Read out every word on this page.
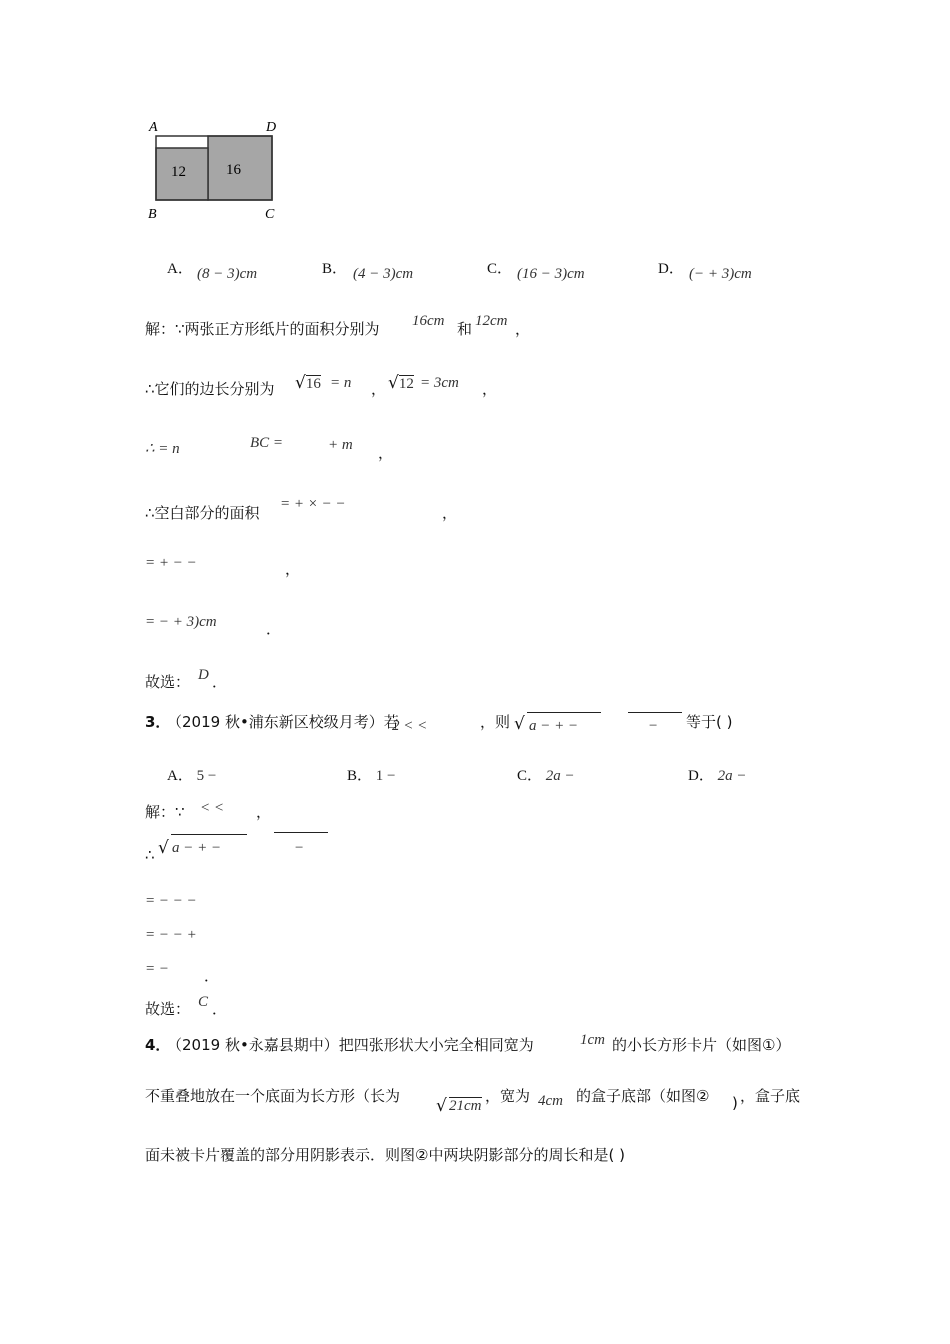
A	D
B	C
12	16
A． (8 − 3)cm	B． (4 − 3)cm	C． (16 − 3)cm	D． (− + 3)cm
解：∵两张正方形纸片的面积分别为 16cm 和 12cm ，
∴它们的边长分别为 √16 = n ， √12 = 3cm ，
∴ = n	BC =	+ m ，
∴空白部分的面积 = + × − −	，
= + − −	，
= − + 3)cm	．
故选： D ．
3．
（2019 秋•浦东新区校级月考）若
2 < <	，则 √ a − + −	− 等于( )
A． 5 −	B． 1 −	C． 2a −	D． 2a −
解：∵ < < ，
∴ √ a − + −	−
= − − −
= − − +
= − ．
故选： C ．
4．
（2019 秋•永嘉县期中）把四张形状大小完全相同宽为	1cm 的小长方形卡片（如图①）
不重叠地放在一个底面为长方形（长为 √ 21cm
，宽为 4cm 的盒子底部（如图② ) ，盒子底
面未被卡片覆盖的部分用阴影表示．则图②中两块阴影部分的周长和是( )
